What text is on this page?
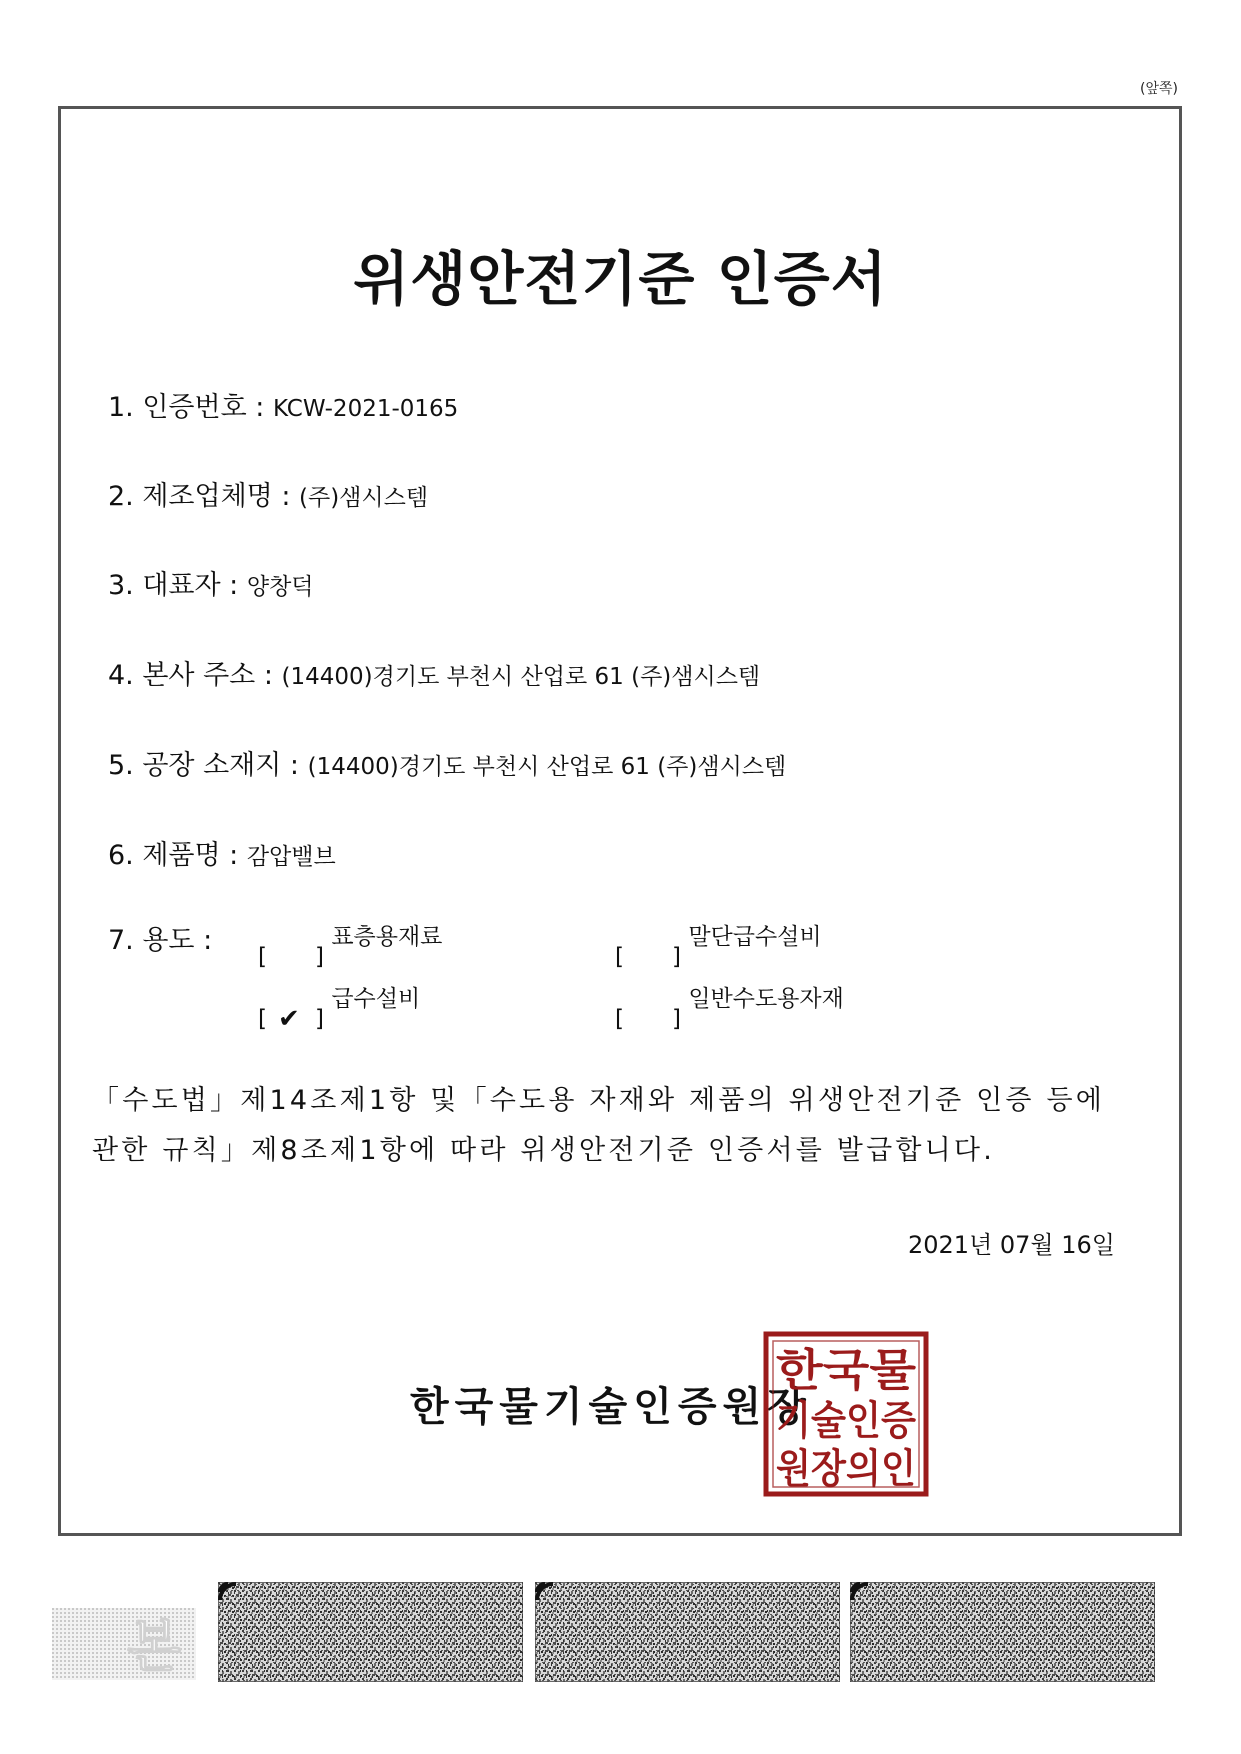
(앞쪽)
위생안전기준 인증서
1. 인증번호 : KCW-2021-0165
2. 제조업체명 : (주)샘시스템
3. 대표자 : 양창덕
4. 본사 주소 : (14400)경기도 부천시 산업로 61 (주)샘시스템
5. 공장 소재지 : (14400)경기도 부천시 산업로 61 (주)샘시스템
6. 제품명 : 감압밸브
7. 용도 :
[ ]
표층용재료
[ ]
말단급수설비
[ ✔ ]
급수설비
[ ]
일반수도용자재
「수도법」제14조제1항 및「수도용 자재와 제품의 위생안전기준 인증 등에
관한 규칙」제8조제1항에 따라 위생안전기준 인증서를 발급합니다.
2021년 07월 16일
한국물기술인증원장
한국물
기술인증
원장의인
본
